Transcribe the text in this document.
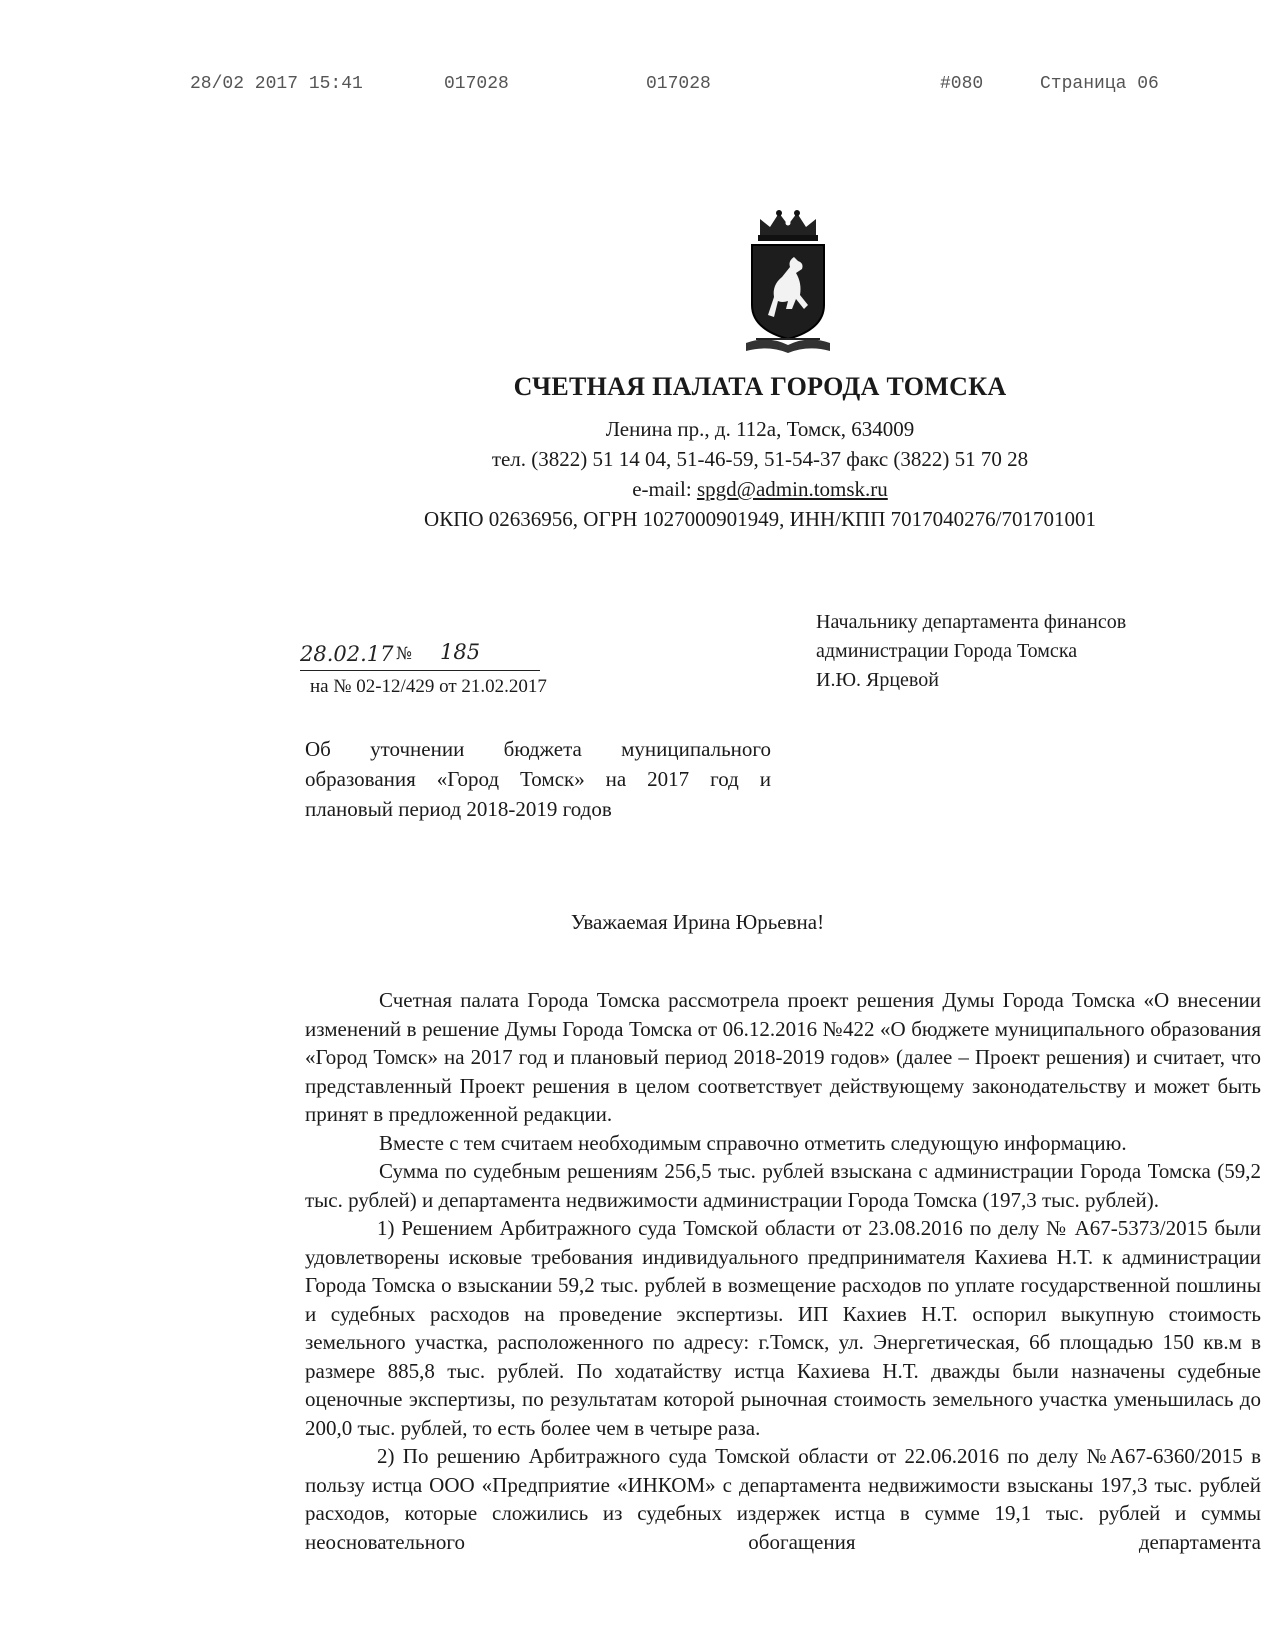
28/02 2017 15:41	017028	017028	#080	Страница 06
СЧЕТНАЯ ПАЛАТА ГОРОДА ТОМСКА
Ленина пр., д. 112а, Томск, 634009
тел. (3822) 51 14 04, 51-46-59, 51-54-37 факс (3822) 51 70 28
e-mail: spgd@admin.tomsk.ru
ОКПО 02636956, ОГРН 1027000901949, ИНН/КПП 7017040276/701701001
Начальнику департамента финансов
администрации Города Томска
И.Ю. Ярцевой
28.02.17 № 185
на № 02-12/429 от 21.02.2017
Об уточнении бюджета муниципального
образования «Город Томск» на 2017 год и
плановый период 2018-2019 годов
Уважаемая Ирина Юрьевна!

Счетная палата Города Томска рассмотрела проект решения Думы Города Томска «О внесении изменений в решение Думы Города Томска от 06.12.2016 №422 «О бюджете муниципального образования «Город Томск» на 2017 год и плановый период 2018-2019 годов» (далее – Проект решения) и считает, что представленный Проект решения в целом соответствует действующему законодательству и может быть принят в предложенной редакции.

Вместе с тем считаем необходимым справочно отметить следующую информацию.

Сумма по судебным решениям 256,5 тыс. рублей взыскана с администрации Города Томска (59,2 тыс. рублей) и департамента недвижимости администрации Города Томска (197,3 тыс. рублей).

1) Решением Арбитражного суда Томской области от 23.08.2016 по делу № А67-5373/2015 были удовлетворены исковые требования индивидуального предпринимателя Кахиева Н.Т. к администрации Города Томска о взыскании 59,2 тыс. рублей в возмещение расходов по уплате государственной пошлины и судебных расходов на проведение экспертизы. ИП Кахиев Н.Т. оспорил выкупную стоимость земельного участка, расположенного по адресу: г.Томск, ул. Энергетическая, 6б площадью 150 кв.м в размере 885,8 тыс. рублей. По ходатайству истца Кахиева Н.Т. дважды были назначены судебные оценочные экспертизы, по результатам которой рыночная стоимость земельного участка уменьшилась до 200,0 тыс. рублей, то есть более чем в четыре раза.

2) По решению Арбитражного суда Томской области от 22.06.2016 по делу №А67-6360/2015 в пользу истца ООО «Предприятие «ИНКОМ» с департамента недвижимости взысканы 197,3 тыс. рублей расходов, которые сложились из судебных издержек истца в сумме 19,1 тыс. рублей и суммы неосновательного обогащения департамента
